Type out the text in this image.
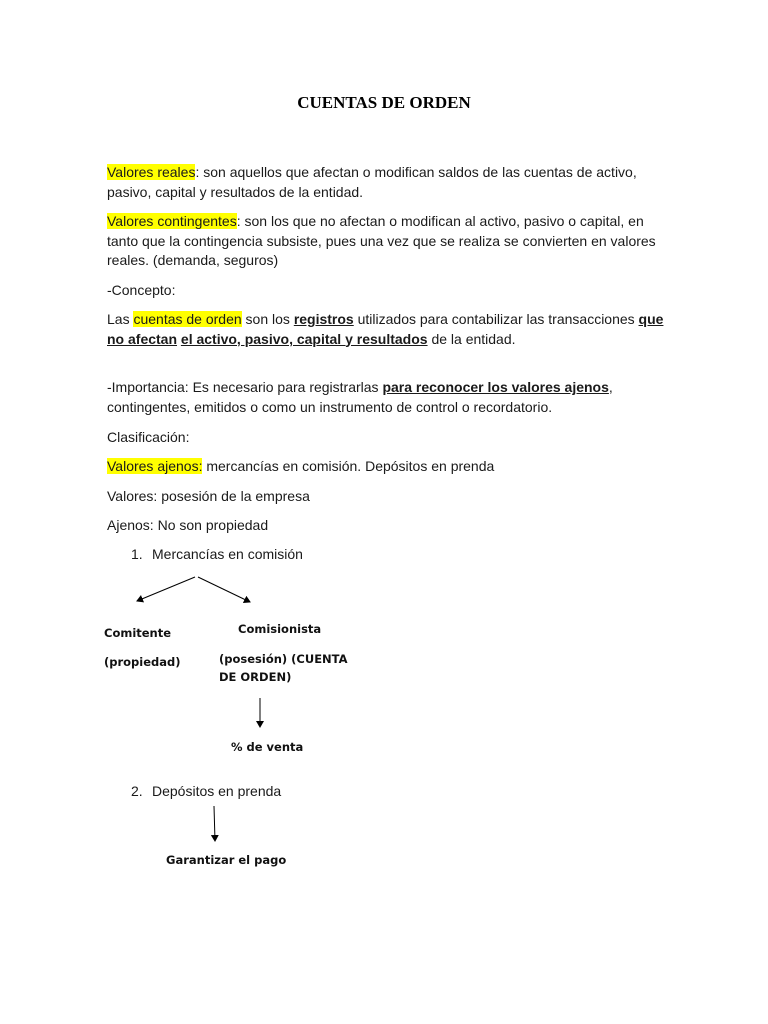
CUENTAS DE ORDEN
Valores reales: son aquellos que afectan o modifican saldos de las cuentas de activo, pasivo, capital y resultados de la entidad.
Valores contingentes: son los que no afectan o modifican al activo, pasivo o capital, en tanto que la contingencia subsiste, pues una vez que se realiza se convierten en valores reales. (demanda, seguros)
-Concepto:
Las cuentas de orden son los registros utilizados para contabilizar las transacciones que no afectan el activo, pasivo, capital y resultados de la entidad.
-Importancia: Es necesario para registrarlas para reconocer los valores ajenos, contingentes, emitidos o como un instrumento de control o recordatorio.
Clasificación:
Valores ajenos: mercancías en comisión. Depósitos en prenda
Valores: posesión de la empresa
Ajenos: No son propiedad
1. Mercancías en comisión
Comitente
(propiedad)
Comisionista
(posesión) (CUENTA
DE ORDEN)
% de venta
2. Depósitos en prenda
Garantizar el pago
